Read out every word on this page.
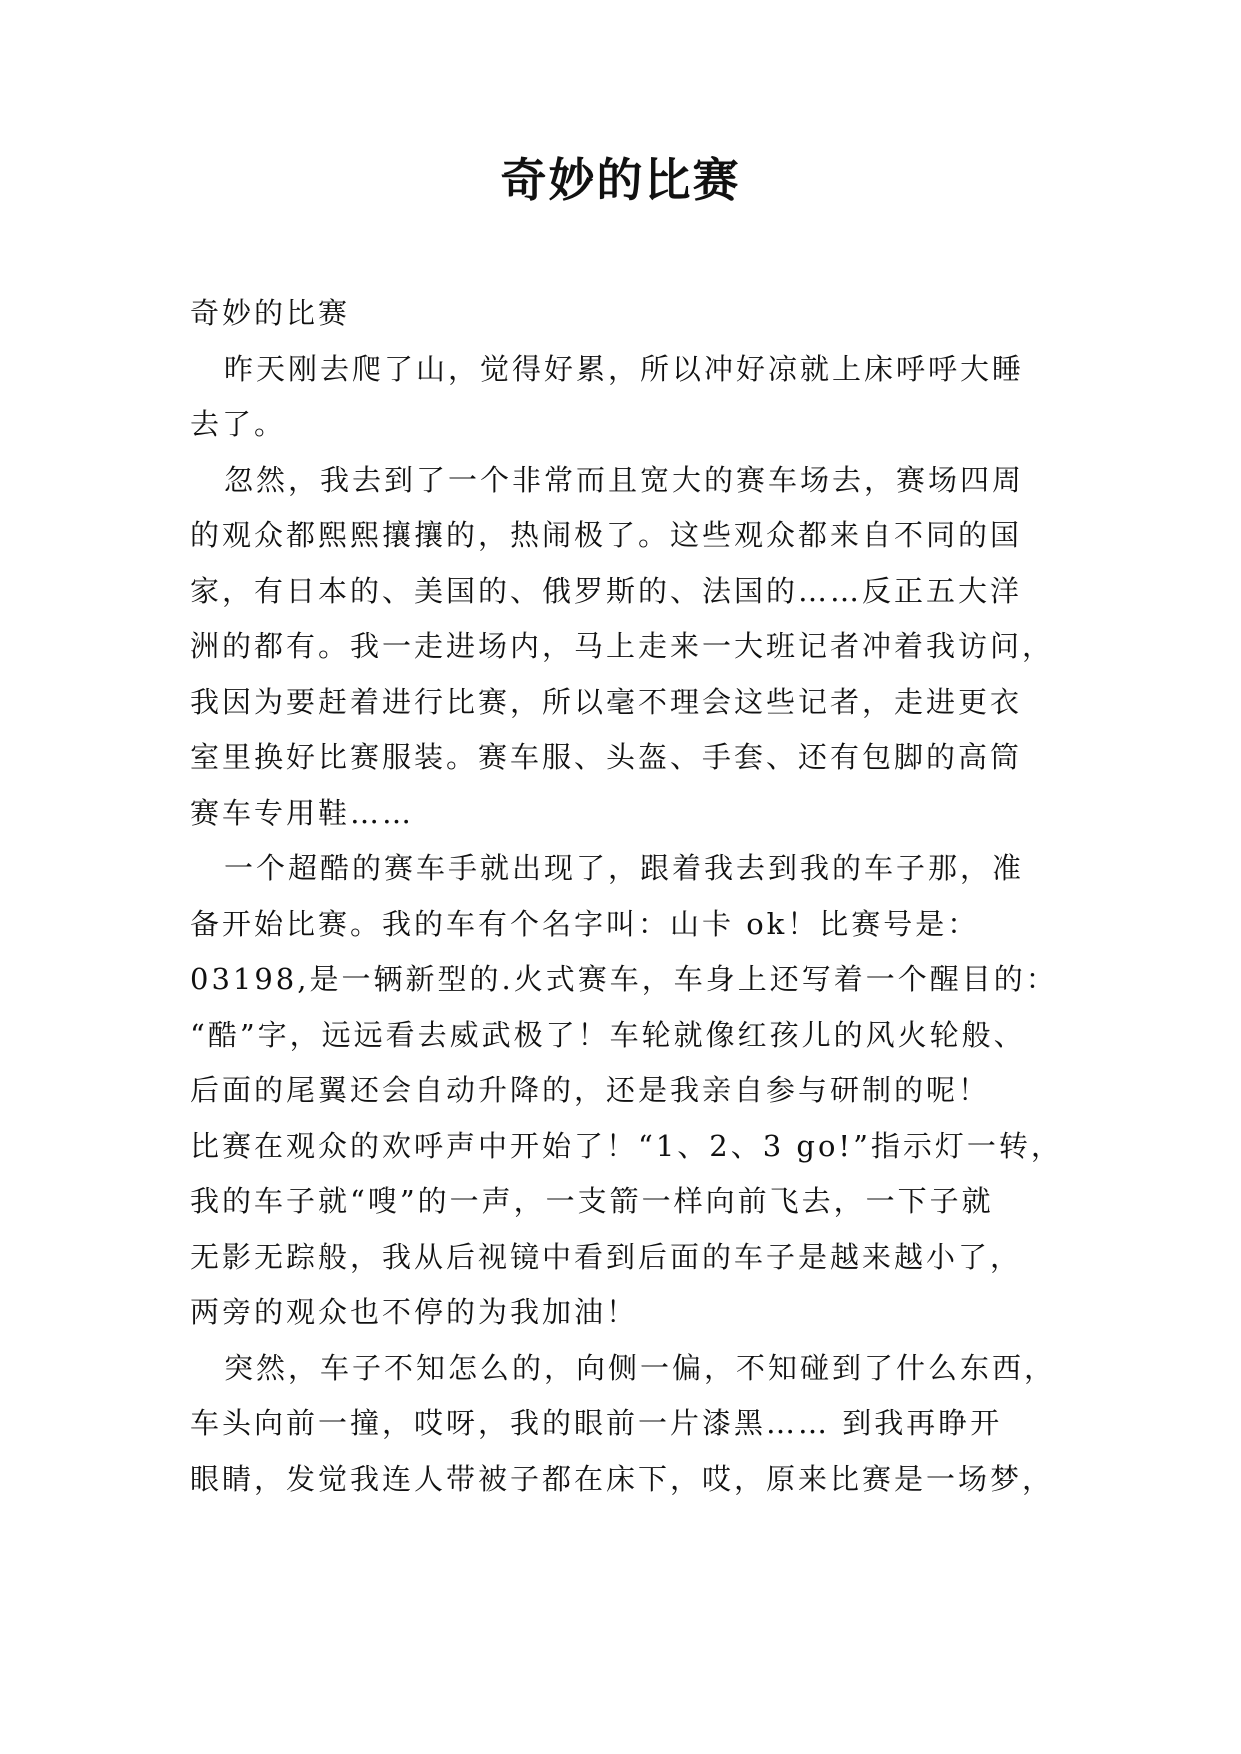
奇妙的比赛
奇妙的比赛
昨天刚去爬了山，觉得好累，所以冲好凉就上床呼呼大睡
去了。
忽然，我去到了一个非常而且宽大的赛车场去，赛场四周
的观众都熙熙攘攘的，热闹极了。这些观众都来自不同的国
家，有日本的、美国的、俄罗斯的、法国的……反正五大洋
洲的都有。我一走进场内，马上走来一大班记者冲着我访问，
我因为要赶着进行比赛，所以毫不理会这些记者，走进更衣
室里换好比赛服装。赛车服、头盔、手套、还有包脚的高筒
赛车专用鞋……
一个超酷的赛车手就出现了，跟着我去到我的车子那，准
备开始比赛。我的车有个名字叫：山卡 ok！比赛号是：
03198,是一辆新型的.火式赛车，车身上还写着一个醒目的：
“酷”字，远远看去威武极了！车轮就像红孩儿的风火轮般、
后面的尾翼还会自动升降的，还是我亲自参与研制的呢！
比赛在观众的欢呼声中开始了！“1、2、3 go!”指示灯一转，
我的车子就“嗖”的一声，一支箭一样向前飞去，一下子就
无影无踪般，我从后视镜中看到后面的车子是越来越小了，
两旁的观众也不停的为我加油！
突然，车子不知怎么的，向侧一偏，不知碰到了什么东西，
车头向前一撞，哎呀，我的眼前一片漆黑…… 到我再睁开
眼睛，发觉我连人带被子都在床下，哎，原来比赛是一场梦，
